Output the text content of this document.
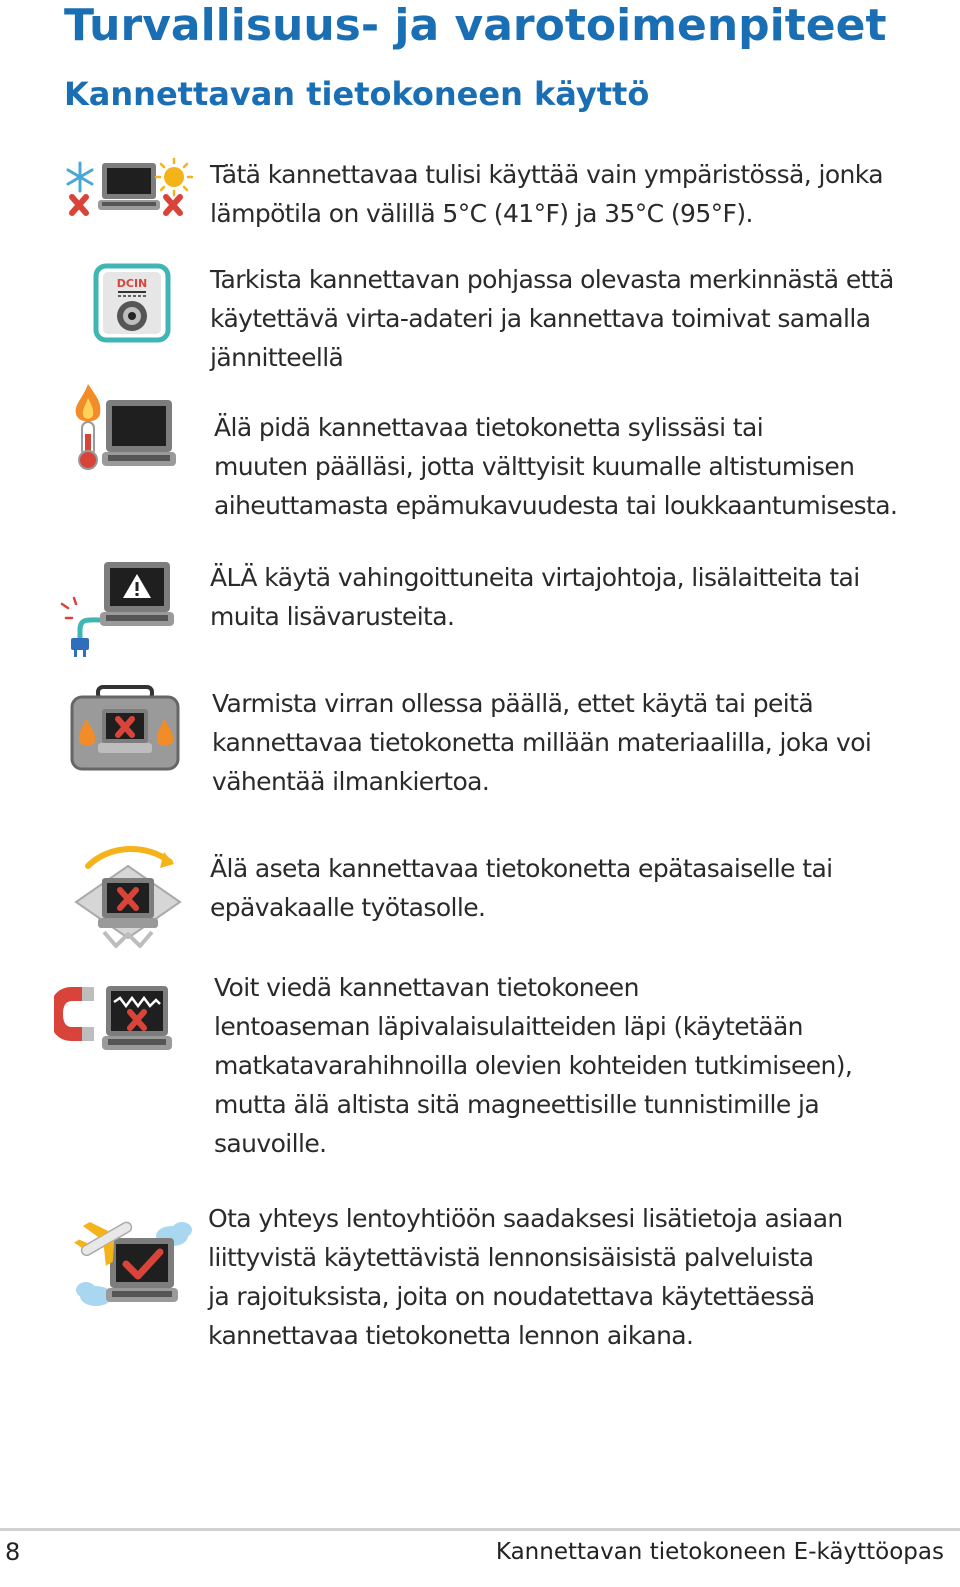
Turvallisuus- ja varotoimenpiteet
Kannettavan tietokoneen käyttö

Tätä kannettavaa tulisi käyttää vain ympäristössä, jonka
lämpötila on välillä 5°C (41°F) ja 35°C (95°F).

DCIN	Tarkista kannettavan pohjassa olevasta merkinnästä että
käytettävä virta-adateri ja kannettava toimivat samalla
jännitteellä

Älä pidä kannettavaa tietokonetta sylissäsi tai
muuten päälläsi, jotta välttyisit kuumalle altistumisen
aiheuttamasta epämukavuudesta tai loukkaantumisesta.

ÄLÄ käytä vahingoittuneita virtajohtoja, lisälaitteita tai
muita lisävarusteita.

Varmista virran ollessa päällä, ettet käytä tai peitä
kannettavaa tietokonetta millään materiaalilla, joka voi
vähentää ilmankiertoa.

Älä aseta kannettavaa tietokonetta epätasaiselle tai
epävakaalle työtasolle.

Voit viedä kannettavan tietokoneen
lentoaseman läpivalaisulaitteiden läpi (käytetään
matkatavarahihnoilla olevien kohteiden tutkimiseen),
mutta älä altista sitä magneettisille tunnistimille ja
sauvoille.

Ota yhteys lentoyhtiöön saadaksesi lisätietoja asiaan
liittyvistä käytettävistä lennonsisäisistä palveluista
ja rajoituksista, joita on noudatettava käytettäessä
kannettavaa tietokonetta lennon aikana.

8	Kannettavan tietokoneen E-käyttöopas
